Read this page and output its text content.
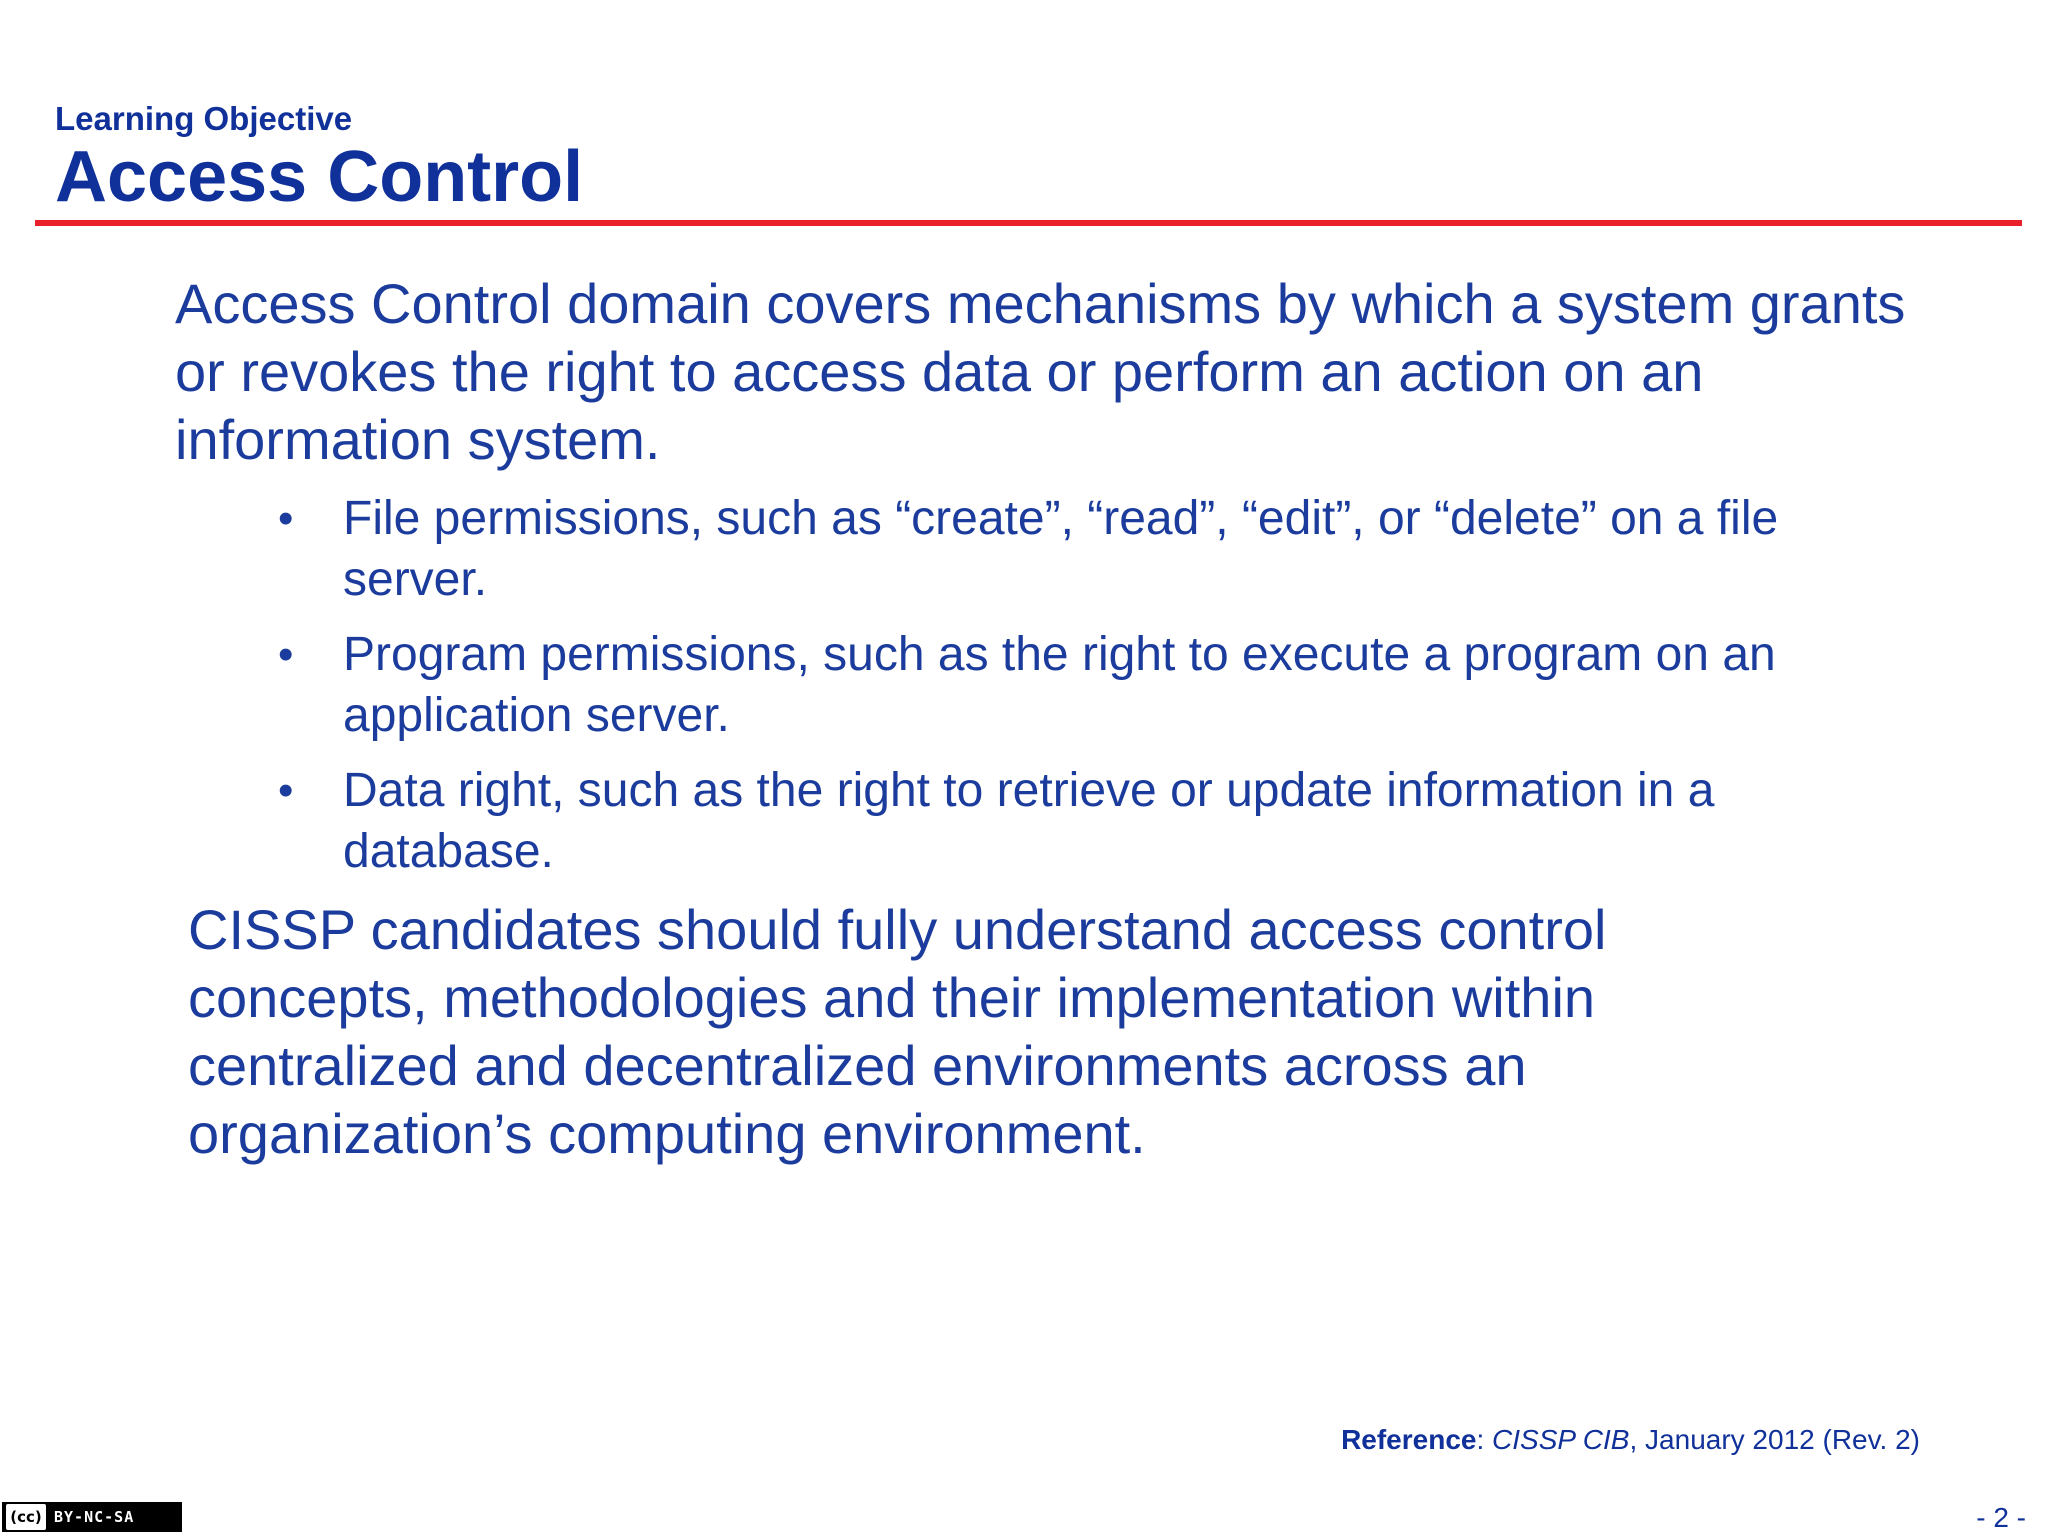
Learning Objective
Access Control
Access Control domain covers mechanisms by which a system grants or revokes the right to access data or perform an action on an information system.
• File permissions, such as “create”, “read”, “edit”, or “delete” on a file server.
• Program permissions, such as the right to execute a program on an application server.
• Data right, such as the right to retrieve or update information in a database.
CISSP candidates should fully understand access control concepts, methodologies and their implementation within centralized and decentralized environments across an organization’s computing environment.
Reference: CISSP CIB, January 2012 (Rev. 2)
(cc) BY-NC-SA	- 2 -
